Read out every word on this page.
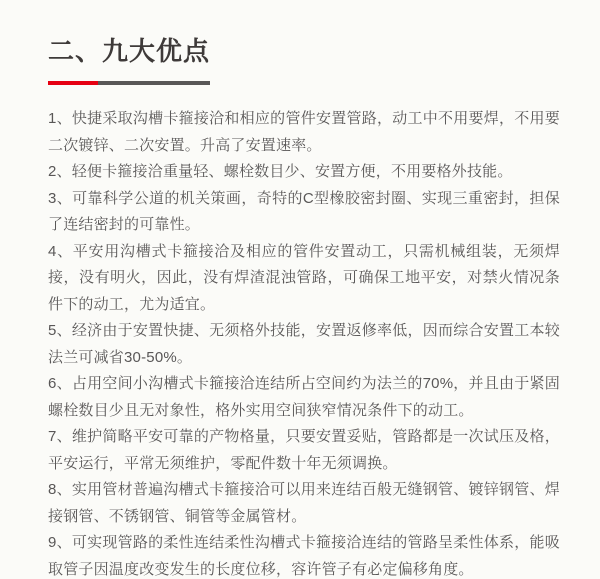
二、九大优点

1、快捷采取沟槽卡箍接洽和相应的管件安置管路，动工中不用要焊，不用要二次镀锌、二次安置。升高了安置速率。

2、轻便卡箍接洽重量轻、螺栓数目少、安置方便，不用要格外技能。

3、可靠科学公道的机关策画，奇特的C型橡胶密封圈、实现三重密封，担保了连结密封的可靠性。

4、平安用沟槽式卡箍接洽及相应的管件安置动工，只需机械组装，无须焊接，没有明火，因此，没有焊渣混浊管路，可确保工地平安，对禁火情况条件下的动工，尤为适宜。

5、经济由于安置快捷、无须格外技能，安置返修率低，因而综合安置工本较法兰可减省30-50%。

6、占用空间小沟槽式卡箍接洽连结所占空间约为法兰的70%，并且由于紧固螺栓数目少且无对象性，格外实用空间狭窄情况条件下的动工。

7、维护简略平安可靠的产物格量，只要安置妥贴，管路都是一次试压及格，平安运行，平常无须维护，零配件数十年无须调换。

8、实用管材普遍沟槽式卡箍接洽可以用来连结百般无缝钢管、镀锌钢管、焊接钢管、不锈钢管、铜管等金属管材。

9、可实现管路的柔性连结柔性沟槽式卡箍接洽连结的管路呈柔性体系，能吸取管子因温度改变发生的长度位移，容许管子有必定偏移角度。
